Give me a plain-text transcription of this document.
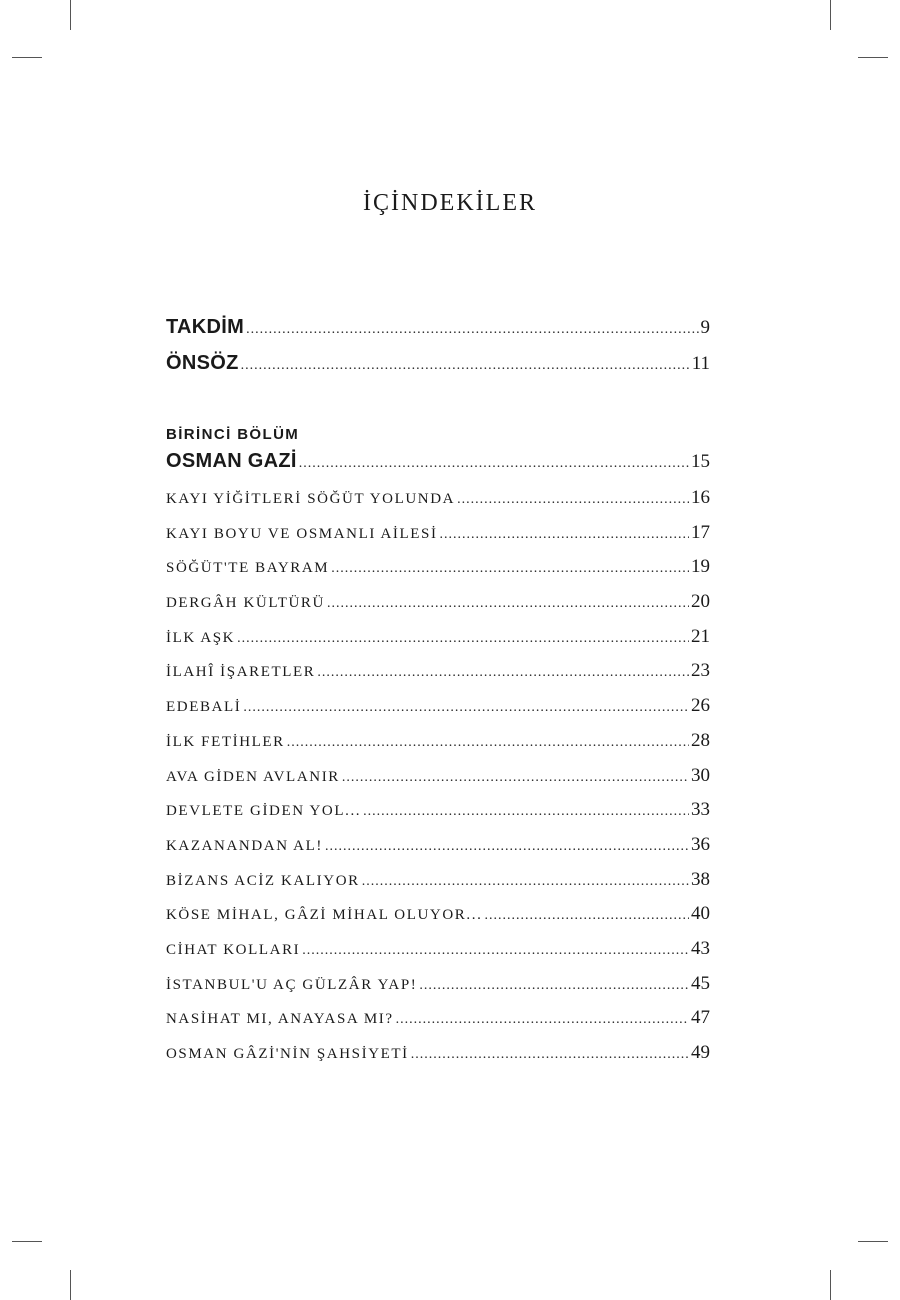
İÇİNDEKİLER
TAKDİM .....	9
ÖNSÖZ .....	11

BİRİNCİ BÖLÜM

OSMAN GAZİ .....	15
KAYI YİĞİTLERİ SÖĞÜT YOLUNDA .....	16
KAYI BOYU VE OSMANLI AİLESİ .....	17
SÖĞÜT'TE BAYRAM .....	19
DERGÂH KÜLTÜRÜ .....	20
İLK AŞK .....	21
İLAHÎ İŞARETLER .....	23
EDEBALİ .....	26
İLK FETİHLER .....	28
AVA GİDEN AVLANIR .....	30
DEVLETE GİDEN YOL... .....	33
KAZANANDAN AL! .....	36
BİZANS ACİZ KALIYOR .....	38
KÖSE MİHAL, GÂZİ MİHAL OLUYOR... .....	40
CİHAT KOLLARI .....	43
İSTANBUL'U AÇ GÜLZÂR YAP! .....	45
NASİHAT MI, ANAYASA MI? .....	47
OSMAN GÂZİ'NİN ŞAHSİYETİ .....	49
